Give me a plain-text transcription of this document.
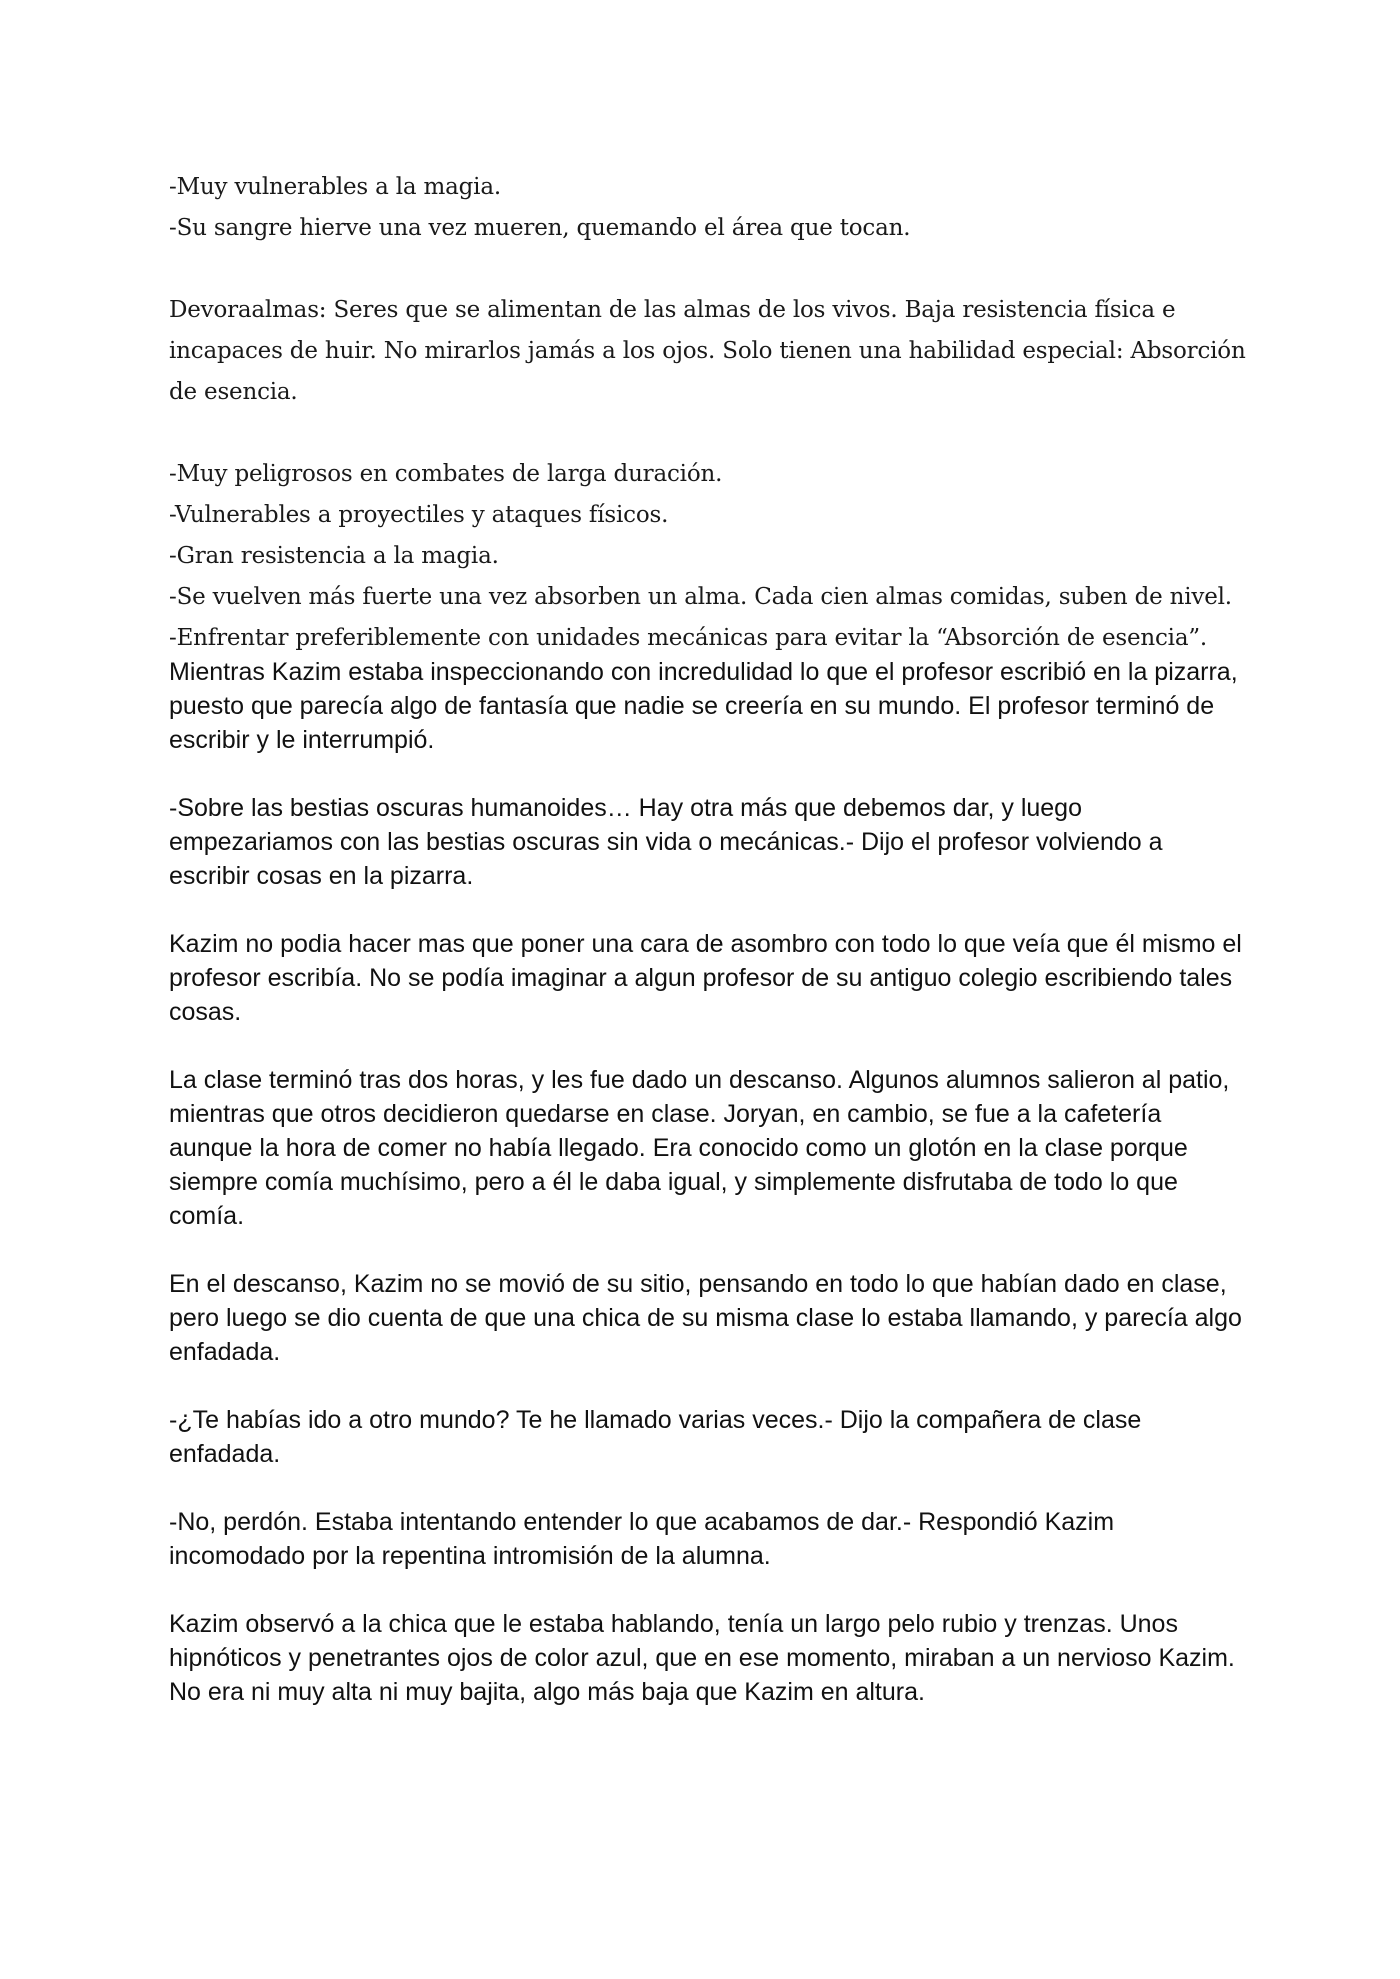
-Muy vulnerables a la magia.

-Su sangre hierve una vez mueren, quemando el área que tocan.

Devoraalmas: Seres que se alimentan de las almas de los vivos. Baja resistencia física e incapaces de huir. No mirarlos jamás a los ojos. Solo tienen una habilidad especial: Absorción de esencia.

-Muy peligrosos en combates de larga duración.

-Vulnerables a proyectiles y ataques físicos.

-Gran resistencia a la magia.

-Se vuelven más fuerte una vez absorben un alma. Cada cien almas comidas, suben de nivel.

-Enfrentar preferiblemente con unidades mecánicas para evitar la “Absorción de esencia”.

Mientras Kazim estaba inspeccionando con incredulidad lo que el profesor escribió en la pizarra, puesto que parecía algo de fantasía que nadie se creería en su mundo. El profesor terminó de escribir y le interrumpió.

-Sobre las bestias oscuras humanoides… Hay otra más que debemos dar, y luego empezariamos con las bestias oscuras sin vida o mecánicas.- Dijo el profesor volviendo a escribir cosas en la pizarra.

Kazim no podia hacer mas que poner una cara de asombro con todo lo que veía que él mismo el profesor escribía. No se podía imaginar a algun profesor de su antiguo colegio escribiendo tales cosas.

La clase terminó tras dos horas, y les fue dado un descanso. Algunos alumnos salieron al patio, mientras que otros decidieron quedarse en clase. Joryan, en cambio, se fue a la cafetería aunque la hora de comer no había llegado. Era conocido como un glotón en la clase porque siempre comía muchísimo, pero a él le daba igual, y simplemente disfrutaba de todo lo que comía.

En el descanso, Kazim no se movió de su sitio, pensando en todo lo que habían dado en clase, pero luego se dio cuenta de que una chica de su misma clase lo estaba llamando, y parecía algo enfadada.

-¿Te habías ido a otro mundo? Te he llamado varias veces.- Dijo la compañera de clase enfadada.

-No, perdón. Estaba intentando entender lo que acabamos de dar.- Respondió Kazim incomodado por la repentina intromisión de la alumna.

Kazim observó a la chica que le estaba hablando, tenía un largo pelo rubio y trenzas. Unos hipnóticos y penetrantes ojos de color azul, que en ese momento, miraban a un nervioso Kazim. No era ni muy alta ni muy bajita, algo más baja que Kazim en altura.
